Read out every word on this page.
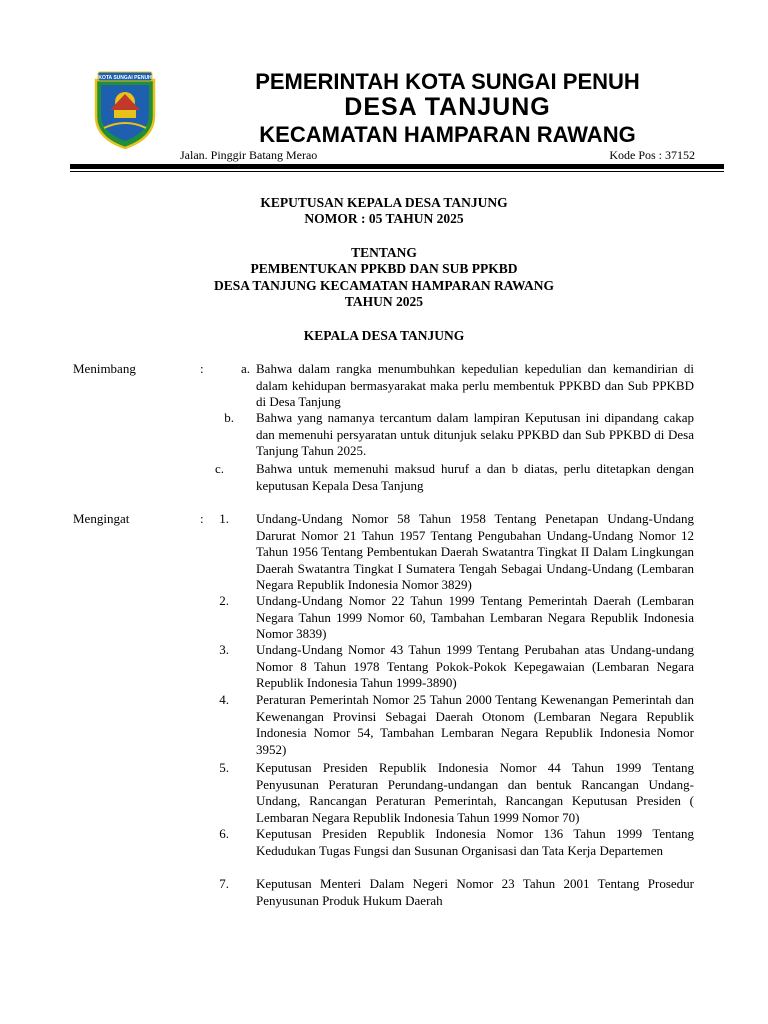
KOTA SUNGAI PENUH	PEMERINTAH KOTA SUNGAI PENUH
DESA TANJUNG
KECAMATAN HAMPARAN RAWANG
Jalan. Pinggir Batang Merao	Kode Pos : 37152
KEPUTUSAN KEPALA DESA TANJUNG
NOMOR : 05 TAHUN 2025
TENTANG
PEMBENTUKAN PPKBD DAN SUB PPKBD
DESA TANJUNG KECAMATAN HAMPARAN RAWANG
TAHUN 2025
KEPALA DESA TANJUNG
Menimbang	:	a. Bahwa dalam rangka menumbuhkan kepedulian kepedulian dan kemandirian di dalam kehidupan bermasyarakat maka perlu membentuk PPKBD dan Sub PPKBD di Desa Tanjung
b. Bahwa yang namanya tercantum dalam lampiran Keputusan ini dipandang cakap dan memenuhi persyaratan untuk ditunjuk selaku PPKBD dan Sub PPKBD di Desa Tanjung Tahun 2025.
c. Bahwa untuk memenuhi maksud huruf a dan b diatas, perlu ditetapkan dengan keputusan Kepala Desa Tanjung
Mengingat	:	1. Undang-Undang Nomor 58 Tahun 1958 Tentang Penetapan Undang-Undang Darurat Nomor 21 Tahun 1957 Tentang Pengubahan Undang-Undang Nomor 12 Tahun 1956 Tentang Pembentukan Daerah Swatantra Tingkat II Dalam Lingkungan Daerah Swatantra Tingkat I Sumatera Tengah Sebagai Undang-Undang (Lembaran Negara Republik Indonesia Nomor 3829)
2. Undang-Undang Nomor 22 Tahun 1999 Tentang Pemerintah Daerah (Lembaran Negara Tahun 1999 Nomor 60, Tambahan Lembaran Negara Republik Indonesia Nomor 3839)
3. Undang-Undang Nomor 43 Tahun 1999 Tentang Perubahan atas Undang-undang Nomor 8 Tahun 1978 Tentang Pokok-Pokok Kepegawaian (Lembaran Negara Republik Indonesia Tahun 1999-3890)
4. Peraturan Pemerintah Nomor 25 Tahun 2000 Tentang Kewenangan Pemerintah dan Kewenangan Provinsi Sebagai Daerah Otonom (Lembaran Negara Republik Indonesia Nomor 54, Tambahan Lembaran Negara Republik Indonesia Nomor 3952)
5. Keputusan Presiden Republik Indonesia Nomor 44 Tahun 1999 Tentang Penyusunan Peraturan Perundang-undangan dan bentuk Rancangan Undang-Undang, Rancangan Peraturan Pemerintah, Rancangan Keputusan Presiden ( Lembaran Negara Republik Indonesia Tahun 1999 Nomor 70)
6. Keputusan Presiden Republik Indonesia Nomor 136 Tahun 1999 Tentang Kedudukan Tugas Fungsi dan Susunan Organisasi dan Tata Kerja Departemen
7. Keputusan Menteri Dalam Negeri Nomor 23 Tahun 2001 Tentang Prosedur Penyusunan Produk Hukum Daerah
